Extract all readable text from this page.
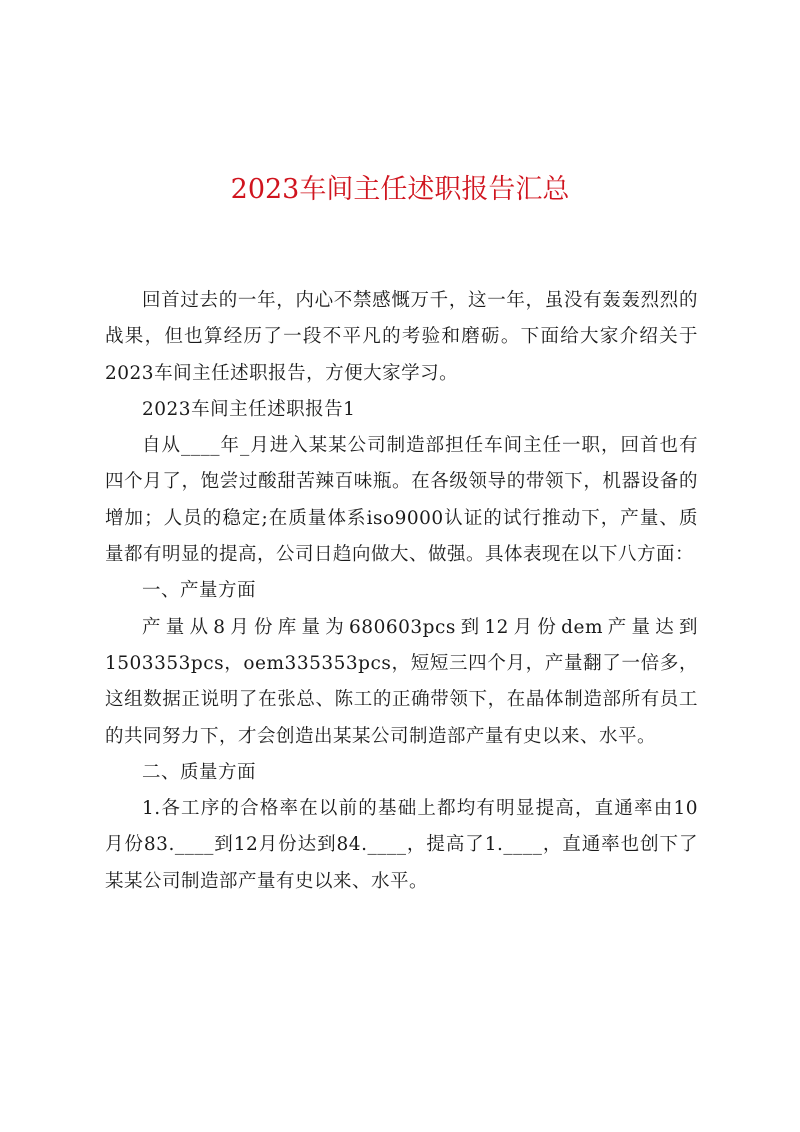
2023车间主任述职报告汇总

回首过去的一年，内心不禁感慨万千，这一年，虽没有轰轰烈烈的战果，但也算经历了一段不平凡的考验和磨砺。下面给大家介绍关于2023车间主任述职报告，方便大家学习。

2023车间主任述职报告1

自从____年_月进入某某公司制造部担任车间主任一职，回首也有四个月了，饱尝过酸甜苦辣百味瓶。在各级领导的带领下，机器设备的增加；人员的稳定;在质量体系iso9000认证的试行推动下，产量、质量都有明显的提高，公司日趋向做大、做强。具体表现在以下八方面：

一、产量方面

产量从8月份库量为680603pcs到12月份dem产量达到1503353pcs，oem335353pcs，短短三四个月，产量翻了一倍多，这组数据正说明了在张总、陈工的正确带领下，在晶体制造部所有员工的共同努力下，才会创造出某某公司制造部产量有史以来、水平。

二、质量方面

1.各工序的合格率在以前的基础上都均有明显提高，直通率由10月份83.____到12月份达到84.____，提高了1.____，直通率也创下了某某公司制造部产量有史以来、水平。
